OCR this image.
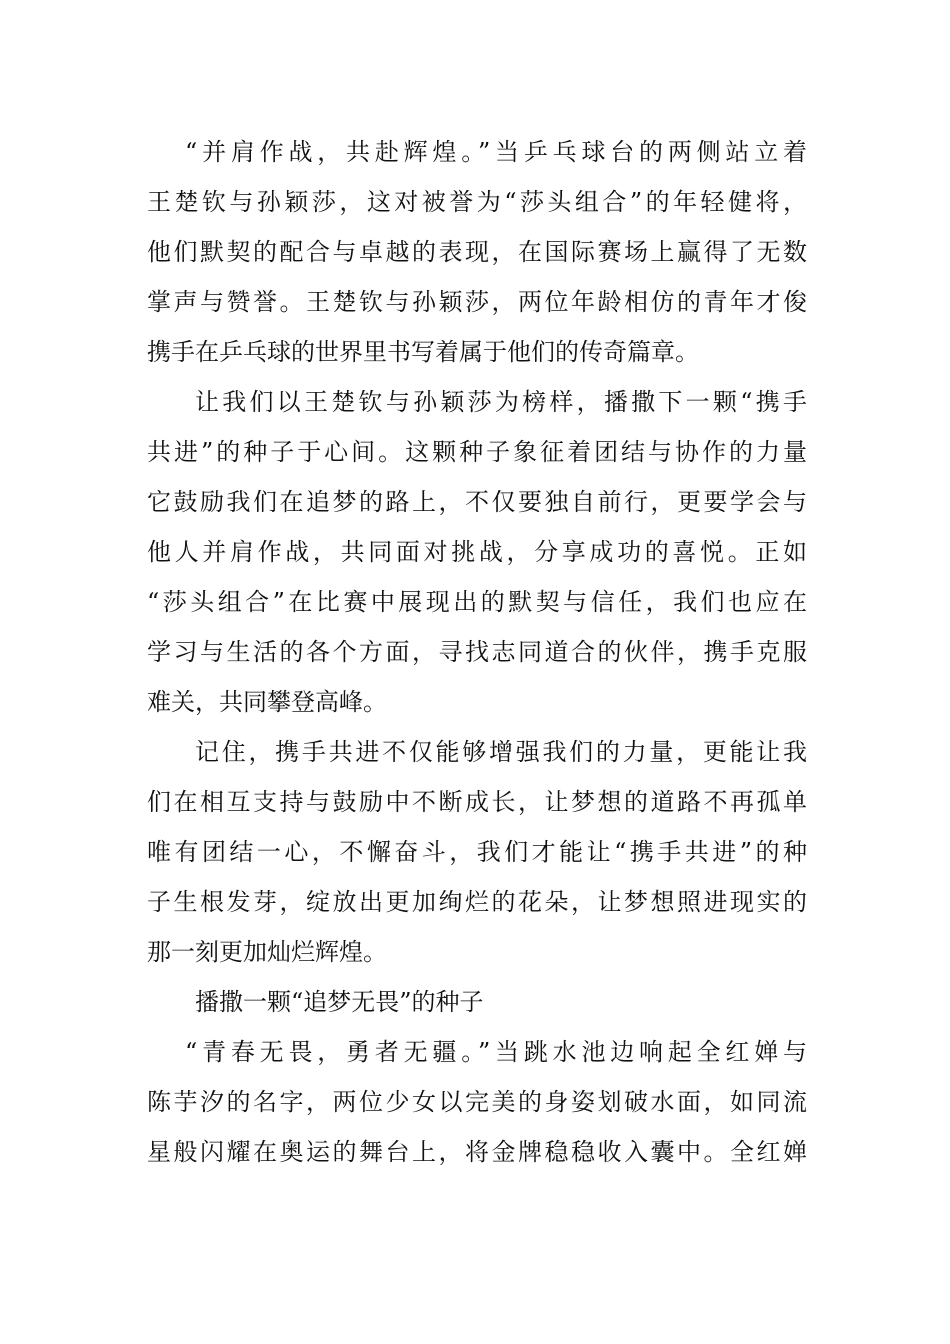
“并肩作战，共赴辉煌。”当乒乓球台的两侧站立着
王楚钦与孙颖莎，这对被誉为“莎头组合”的年轻健将，
他们默契的配合与卓越的表现，在国际赛场上赢得了无数
掌声与赞誉。王楚钦与孙颖莎，两位年龄相仿的青年才俊
携手在乒乓球的世界里书写着属于他们的传奇篇章。
让我们以王楚钦与孙颖莎为榜样，播撒下一颗“携手
共进”的种子于心间。这颗种子象征着团结与协作的力量
它鼓励我们在追梦的路上，不仅要独自前行，更要学会与
他人并肩作战，共同面对挑战，分享成功的喜悦。正如
“莎头组合”在比赛中展现出的默契与信任，我们也应在
学习与生活的各个方面，寻找志同道合的伙伴，携手克服
难关，共同攀登高峰。
记住，携手共进不仅能够增强我们的力量，更能让我
们在相互支持与鼓励中不断成长，让梦想的道路不再孤单
唯有团结一心，不懈奋斗，我们才能让“携手共进”的种
子生根发芽，绽放出更加绚烂的花朵，让梦想照进现实的
那一刻更加灿烂辉煌。
播撒一颗“追梦无畏”的种子
“青春无畏，勇者无疆。”当跳水池边响起全红婵与
陈芋汐的名字，两位少女以完美的身姿划破水面，如同流
星般闪耀在奥运的舞台上，将金牌稳稳收入囊中。全红婵
